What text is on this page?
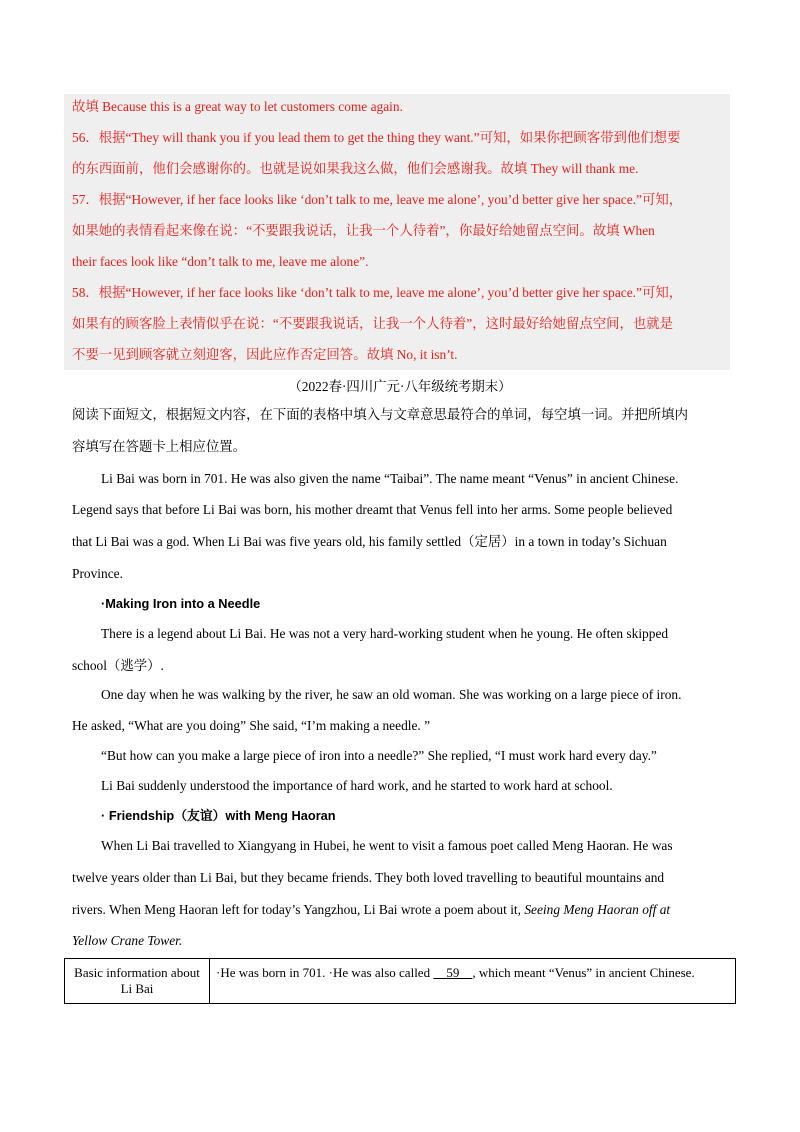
故填 Because this is a great way to let customers come again.
56．根据“They will thank you if you lead them to get the thing they want.”可知，如果你把顾客带到他们想要
的东西面前，他们会感谢你的。也就是说如果我这么做，他们会感谢我。故填 They will thank me.
57．根据“However, if her face looks like ‘don’t talk to me, leave me alone’, you’d better give her space.”可知，
如果她的表情看起来像在说：“不要跟我说话，让我一个人待着”，你最好给她留点空间。故填 When
their faces look like “don’t talk to me, leave me alone”.
58．根据“However, if her face looks like ‘don’t talk to me, leave me alone’, you’d better give her space.”可知，
如果有的顾客脸上表情似乎在说：“不要跟我说话，让我一个人待着”，这时最好给她留点空间，也就是
不要一见到顾客就立刻迎客，因此应作否定回答。故填 No, it isn’t.
（2022春·四川广元·八年级统考期末）
阅读下面短文，根据短文内容，在下面的表格中填入与文章意思最符合的单词，每空填一词。并把所填内
容填写在答题卡上相应位置。
Li Bai was born in 701. He was also given the name “Taibai”. The name meant “Venus” in ancient Chinese.
Legend says that before Li Bai was born, his mother dreamt that Venus fell into her arms. Some people believed
that Li Bai was a god. When Li Bai was five years old, his family settled（定居）in a town in today’s Sichuan
Province.
·Making Iron into a Needle
There is a legend about Li Bai. He was not a very hard-working student when he young. He often skipped
school（逃学）.
One day when he was walking by the river, he saw an old woman. She was working on a large piece of iron.
He asked, “What are you doing” She said, “I’m making a needle. ”
“But how can you make a large piece of iron into a needle?” She replied, “I must work hard every day.”
Li Bai suddenly understood the importance of hard work, and he started to work hard at school.
· Friendship（友谊）with Meng Haoran
When Li Bai travelled to Xiangyang in Hubei, he went to visit a famous poet called Meng Haoran. He was
twelve years older than Li Bai, but they became friends. They both loved travelling to beautiful mountains and
rivers. When Meng Haoran left for today’s Yangzhou, Li Bai wrote a poem about it, Seeing Meng Haoran off at
Yellow Crane Tower.
Basic information about Li Bai	·He was born in 701. ·He was also called     59    , which meant “Venus” in ancient Chinese.
